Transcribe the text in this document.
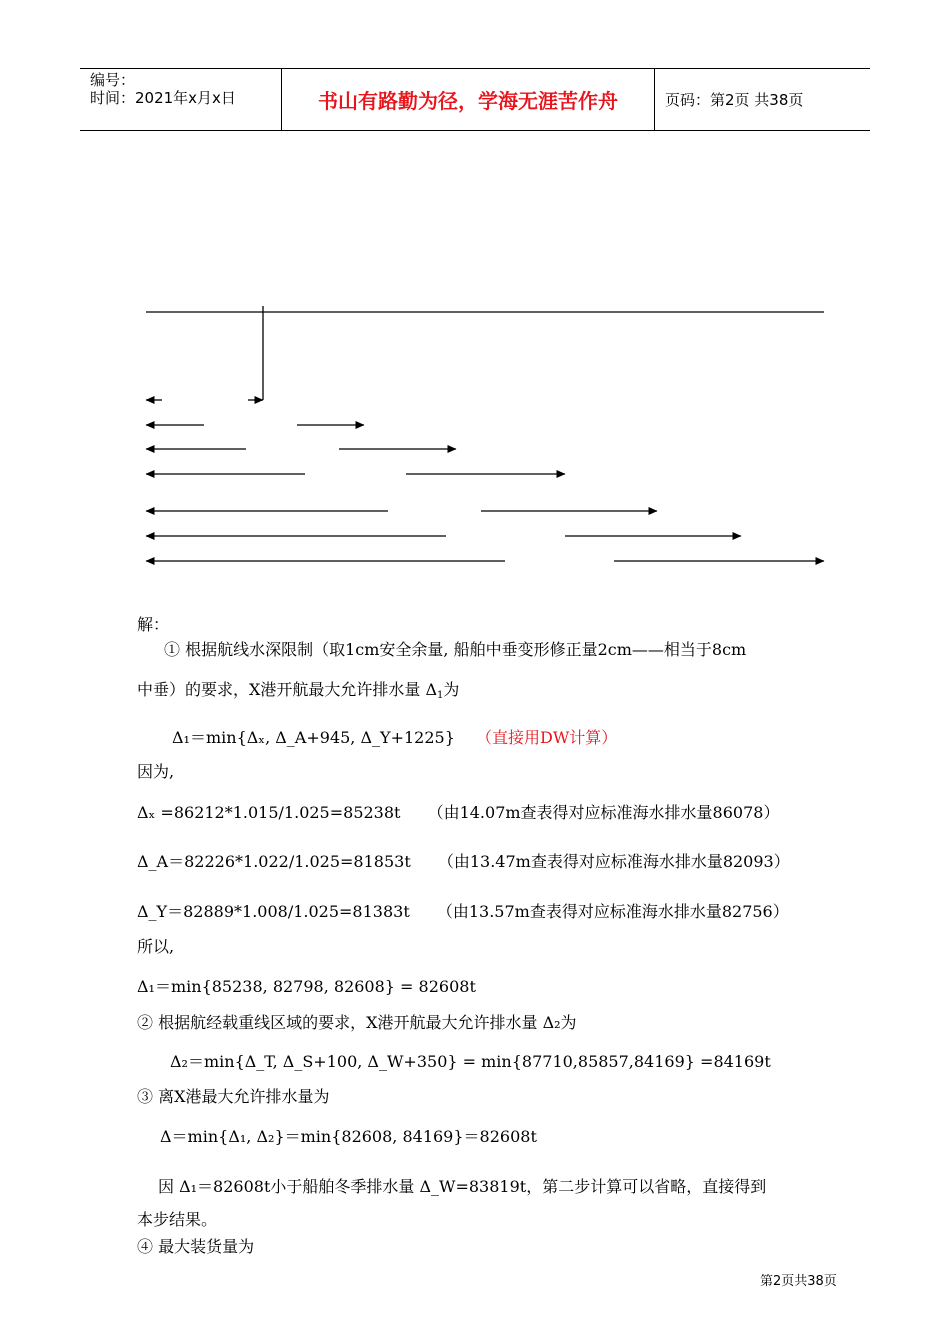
编号：
时间：2021年x月x日	书山有路勤为径，学海无涯苦作舟	页码：第2页 共38页
解：
① 根据航线水深限制（取1cm安全余量, 船舶中垂变形修正量2cm——相当于8cm
中垂）的要求，X港开航最大允许排水量 $\Delta_1$为
Δ₁＝min{Δₓ, Δ_A+945, Δ_Y+1225} （直接用DW计算）
因为,
Δₓ =86212*1.015/1.025=85238t （由14.07m查表得对应标准海水排水量86078）
Δ_A＝82226*1.022/1.025=81853t （由13.47m查表得对应标准海水排水量82093）
Δ_Y＝82889*1.008/1.025=81383t （由13.57m查表得对应标准海水排水量82756）
所以,
Δ₁＝min{85238, 82798, 82608} = 82608t
② 根据航经载重线区域的要求，X港开航最大允许排水量 Δ₂为
Δ₂＝min{Δ_T, Δ_S+100, Δ_W+350} = min{87710,85857,84169} =84169t
③ 离X港最大允许排水量为
Δ＝min{Δ₁, Δ₂}＝min{82608, 84169}＝82608t
因 Δ₁＝82608t小于船舶冬季排水量 Δ_W=83819t，第二步计算可以省略，直接得到
本步结果。
④ 最大装货量为
第2页共38页
